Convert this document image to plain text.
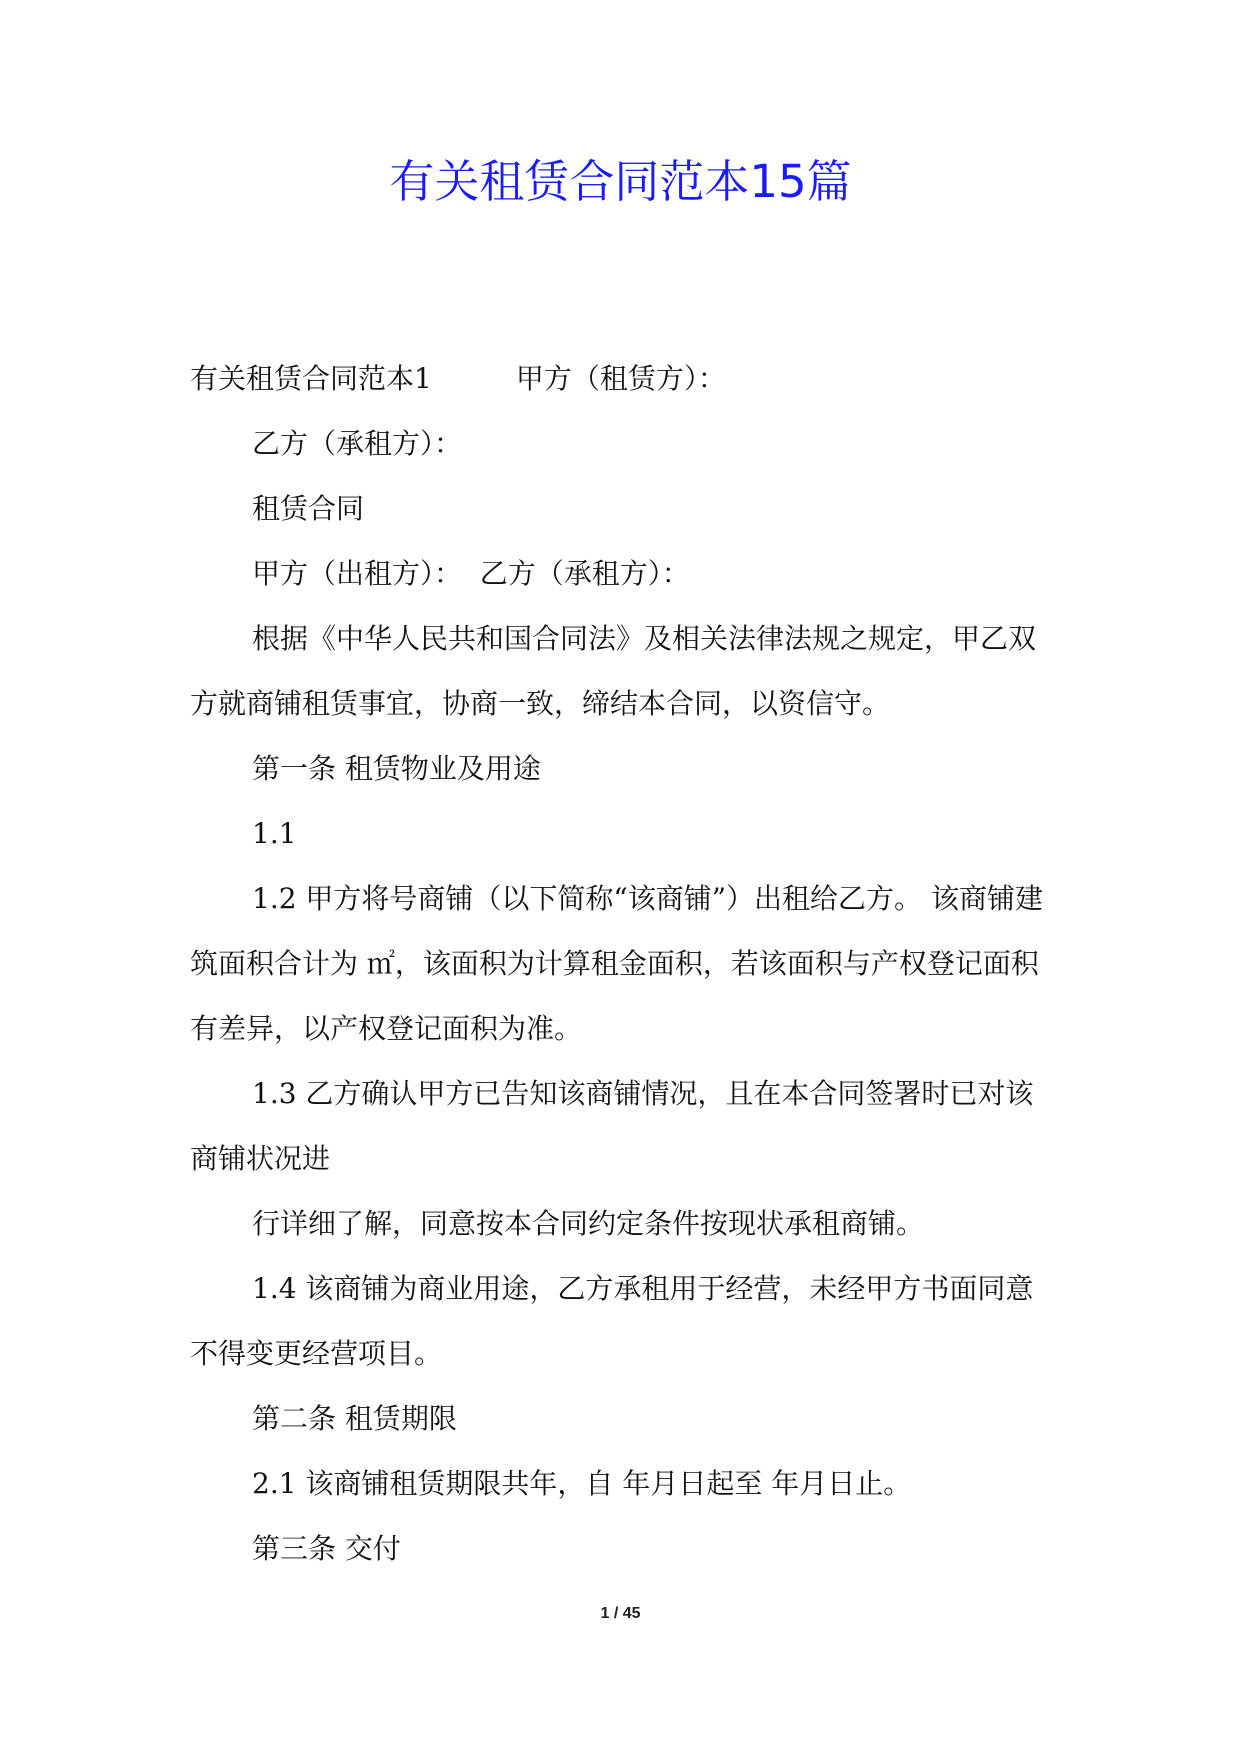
有关租赁合同范本15篇
有关租赁合同范本1	甲方（租赁方）：

乙方（承租方）：

租赁合同

甲方（出租方）：  乙方（承租方）：

根据《中华人民共和国合同法》及相关法律法规之规定，甲乙双方就商铺租赁事宜，协商一致，缔结本合同，以资信守。

第一条 租赁物业及用途

1.1

1.2 甲方将号商铺（以下简称“该商铺”）出租给乙方。 该商铺建筑面积合计为 ㎡，该面积为计算租金面积，若该面积与产权登记面积有差异，以产权登记面积为准。

1.3 乙方确认甲方已告知该商铺情况，且在本合同签署时已对该商铺状况进

行详细了解，同意按本合同约定条件按现状承租商铺。

1.4 该商铺为商业用途，乙方承租用于经营，未经甲方书面同意不得变更经营项目。

第二条 租赁期限

2.1 该商铺租赁期限共年，自 年月日起至 年月日止。

第三条 交付

1 / 45
